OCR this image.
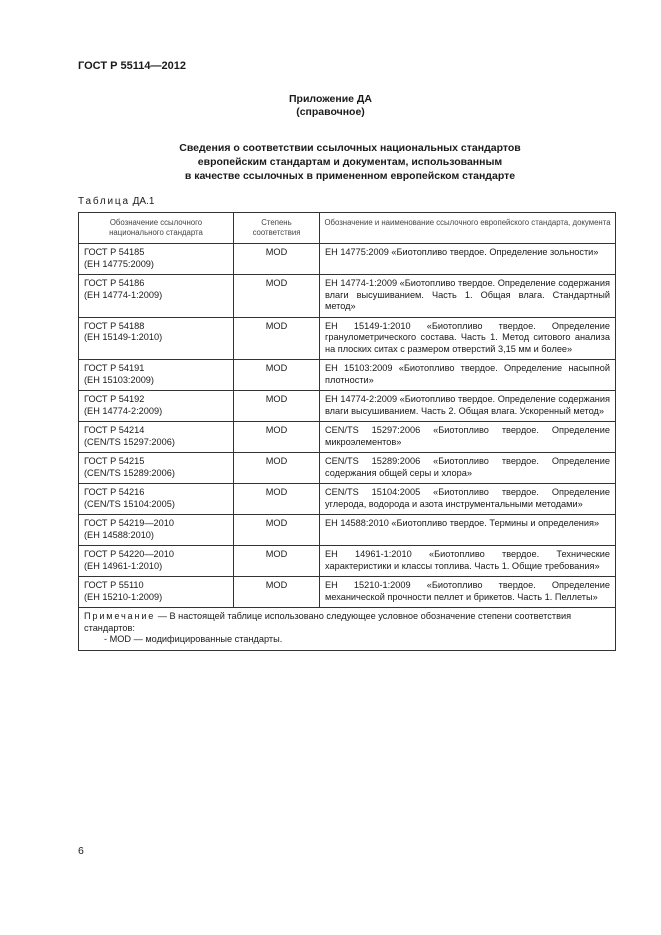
ГОСТ Р 55114—2012
Приложение ДА
(справочное)
Сведения о соответствии ссылочных национальных стандартов
европейским стандартам и документам, использованным
в качестве ссылочных в примененном европейском стандарте
Таблица ДА.1
Обозначение ссылочного национального стандарта	Степень соответствия	Обозначение и наименование ссылочного европейского стандарта, документа

ГОСТ Р 54185
(ЕН 14775:2009)	MOD	ЕН 14775:2009 «Биотопливо твердое. Определение зольности»

ГОСТ Р 54186
(ЕН 14774-1:2009)	MOD	ЕН 14774-1:2009 «Биотопливо твердое. Определение содержания влаги высушиванием. Часть 1. Общая влага. Стандартный метод»

ГОСТ Р 54188
(ЕН 15149-1:2010)	MOD	ЕН 15149-1:2010 «Биотопливо твердое. Определение гранулометрического состава. Часть 1. Метод ситового анализа на плоских ситах с размером отверстий 3,15 мм и более»

ГОСТ Р 54191
(ЕН 15103:2009)	MOD	ЕН 15103:2009 «Биотопливо твердое. Определение насыпной плотности»

ГОСТ Р 54192
(ЕН 14774-2:2009)	MOD	ЕН 14774-2:2009 «Биотопливо твердое. Определение содержания влаги высушиванием. Часть 2. Общая влага. Ускоренный метод»

ГОСТ Р 54214
(CEN/TS 15297:2006)	MOD	CEN/TS 15297:2006 «Биотопливо твердое. Определение микроэлементов»

ГОСТ Р 54215
(CEN/TS 15289:2006)	MOD	CEN/TS 15289:2006 «Биотопливо твердое. Определение содержания общей серы и хлора»

ГОСТ Р 54216
(CEN/TS 15104:2005)	MOD	CEN/TS 15104:2005 «Биотопливо твердое. Определение углерода, водорода и азота инструментальными методами»

ГОСТ Р 54219—2010
(ЕН 14588:2010)	MOD	ЕН 14588:2010 «Биотопливо твердое. Термины и определения»

ГОСТ Р 54220—2010
(ЕН 14961-1:2010)	MOD	ЕН 14961-1:2010 «Биотопливо твердое. Технические характеристики и классы топлива. Часть 1. Общие требования»

ГОСТ Р 55110
(ЕН 15210-1:2009)	MOD	ЕН 15210-1:2009 «Биотопливо твердое. Определение механической прочности пеллет и брикетов. Часть 1. Пеллеты»
Примечание — В настоящей таблице использовано следующее условное обозначение степени соответствия стандартов:
- MOD — модифицированные стандарты.		
6
